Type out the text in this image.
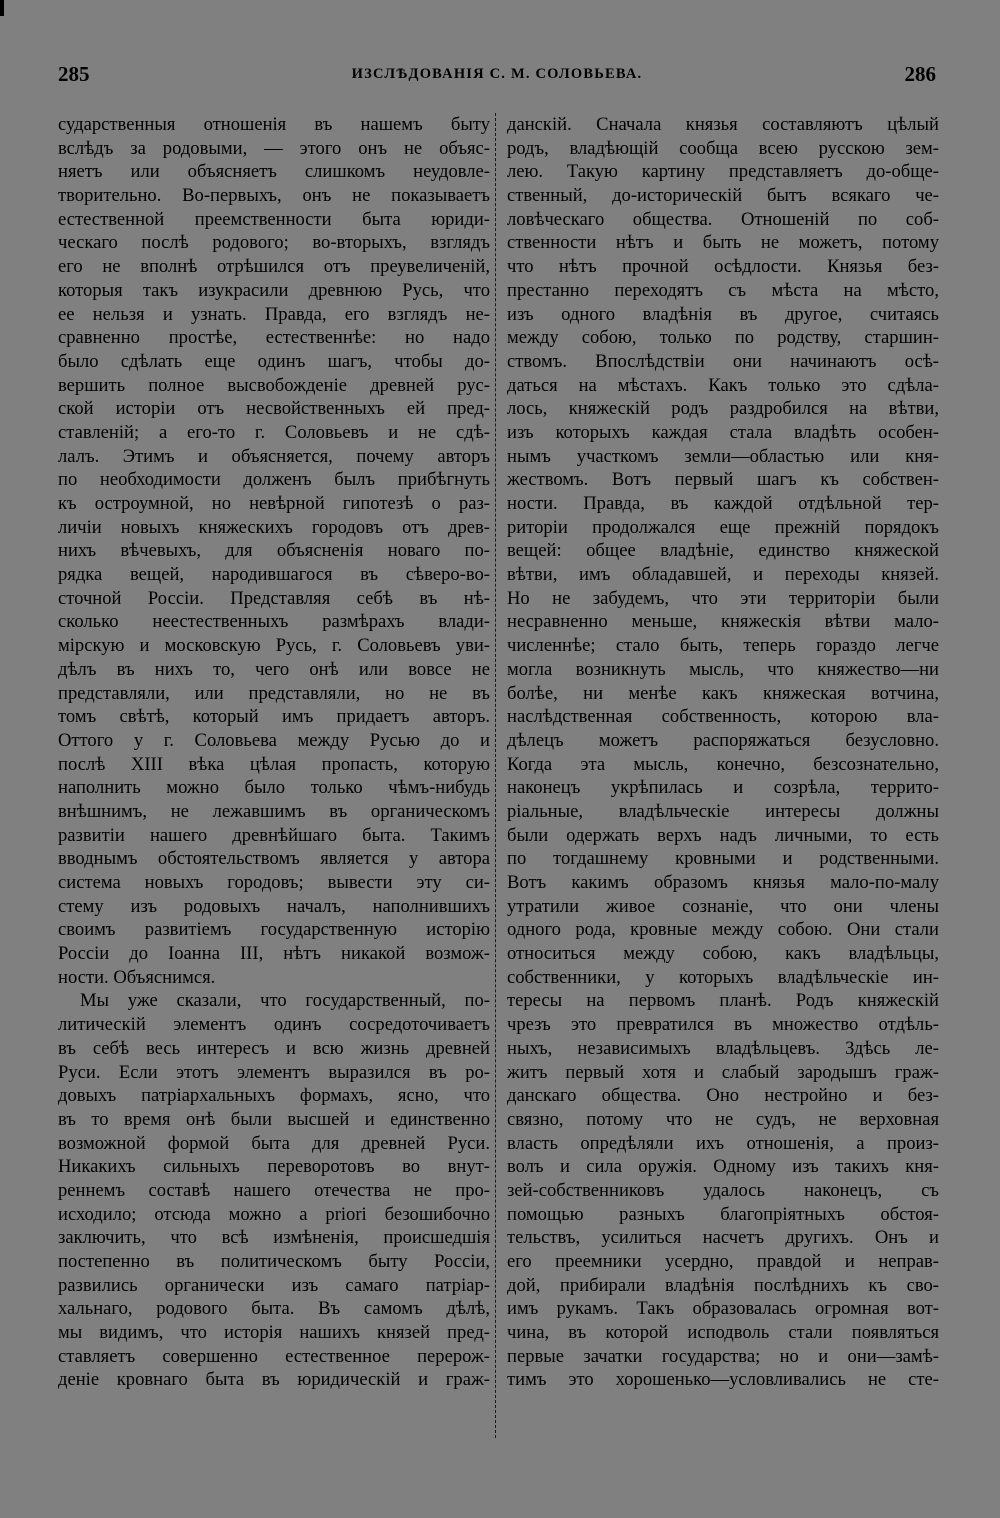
285	ИЗСЛѢДОВАНІЯ С. М. СОЛОВЬЕВА.	286
сударственныя отношенія въ нашемъ быту
вслѣдъ за родовыми, — этого онъ не объяс-
няетъ или объясняетъ слишкомъ неудовле-
творительно. Во-первыхъ, онъ не показываетъ
естественной преемственности быта юриди-
ческаго послѣ родового; во-вторыхъ, взглядъ
его не вполнѣ отрѣшился отъ преувеличеній,
которыя такъ изукрасили древнюю Русь, что
ее нельзя и узнать. Правда, его взглядъ не-
сравненно простѣе, естественнѣе: но надо
было сдѣлать еще одинъ шагъ, чтобы до-
вершить полное высвобожденіе древней рус-
ской исторіи отъ несвойственныхъ ей пред-
ставленій; а его-то г. Соловьевъ и не сдѣ-
лалъ. Этимъ и объясняется, почему авторъ
по необходимости долженъ былъ прибѣгнуть
къ остроумной, но невѣрной гипотезѣ о раз-
личіи новыхъ княжескихъ городовъ отъ древ-
нихъ вѣчевыхъ, для объясненія новаго по-
рядка вещей, народившагося въ сѣверо-во-
сточной Россіи. Представляя себѣ въ нѣ-
сколько неестественныхъ размѣрахъ влади-
мірскую и московскую Русь, г. Соловьевъ уви-
дѣлъ въ нихъ то, чего онѣ или вовсе не
представляли, или представляли, но не въ
томъ свѣтѣ, который имъ придаетъ авторъ.
Оттого у г. Соловьева между Русью до и
послѣ XIII вѣка цѣлая пропасть, которую
наполнить можно было только чѣмъ-нибудь
внѣшнимъ, не лежавшимъ въ органическомъ
развитіи нашего древнѣйшаго быта. Такимъ
вводнымъ обстоятельствомъ является у автора
система новыхъ городовъ; вывести эту си-
стему изъ родовыхъ началъ, наполнившихъ
своимъ развитіемъ государственную исторію
Россіи до Іоанна III, нѣтъ никакой возмож-
ности. Объяснимся.
Мы уже сказали, что государственный, по-
литическій элементъ одинъ сосредоточиваетъ
въ себѣ весь интересъ и всю жизнь древней
Руси. Если этотъ элементъ выразился въ ро-
довыхъ патріархальныхъ формахъ, ясно, что
въ то время онѣ были высшей и единственно
возможной формой быта для древней Руси.
Никакихъ сильныхъ переворотовъ во внут-
реннемъ составѣ нашего отечества не про-
исходило; отсюда можно а priori безошибочно
заключить, что всѣ измѣненія, происшедшія
постепенно въ политическомъ быту Россіи,
развились органически изъ самаго патріар-
хальнаго, родового быта. Въ самомъ дѣлѣ,
мы видимъ, что исторія нашихъ князей пред-
ставляетъ совершенно естественное перерож-
деніе кровнаго быта въ юридическій и граж-
данскій. Сначала князья составляютъ цѣлый
родъ, владѣющій сообща всею русскою зем-
лею. Такую картину представляетъ до-обще-
ственный, до-историческій бытъ всякаго че-
ловѣческаго общества. Отношеній по соб-
ственности нѣтъ и быть не можетъ, потому
что нѣтъ прочной осѣдлости. Князья без-
престанно переходятъ съ мѣста на мѣсто,
изъ одного владѣнія въ другое, считаясь
между собою, только по родству, старшин-
ствомъ. Впослѣдствіи они начинаютъ осѣ-
даться на мѣстахъ. Какъ только это сдѣла-
лось, княжескій родъ раздробился на вѣтви,
изъ которыхъ каждая стала владѣть особен-
нымъ участкомъ земли—областью или кня-
жествомъ. Вотъ первый шагъ къ собствен-
ности. Правда, въ каждой отдѣльной тер-
риторіи продолжался еще прежній порядокъ
вещей: общее владѣніе, единство княжеской
вѣтви, имъ обладавшей, и переходы князей.
Но не забудемъ, что эти территоріи были
несравненно меньше, княжескія вѣтви мало-
численнѣе; стало быть, теперь гораздо легче
могла возникнуть мысль, что княжество—ни
болѣе, ни менѣе какъ княжеская вотчина,
наслѣдственная собственность, которою вла-
дѣлецъ можетъ распоряжаться безусловно.
Когда эта мысль, конечно, безсознательно,
наконецъ укрѣпилась и созрѣла, террито-
ріальные, владѣльческіе интересы должны
были одержать верхъ надъ личными, то есть
по тогдашнему кровными и родственными.
Вотъ какимъ образомъ князья мало-по-малу
утратили живое сознаніе, что они члены
одного рода, кровные между собою. Они стали
относиться между собою, какъ владѣльцы,
собственники, у которыхъ владѣльческіе ин-
тересы на первомъ планѣ. Родъ княжескій
чрезъ это превратился въ множество отдѣль-
ныхъ, независимыхъ владѣльцевъ. Здѣсь ле-
житъ первый хотя и слабый зародышъ граж-
данскаго общества. Оно нестройно и без-
связно, потому что не судъ, не верховная
власть опредѣляли ихъ отношенія, а произ-
волъ и сила оружія. Одному изъ такихъ кня-
зей-собственниковъ удалось наконецъ, съ
помощью разныхъ благопріятныхъ обстоя-
тельствъ, усилиться насчетъ другихъ. Онъ и
его преемники усердно, правдой и неправ-
дой, прибирали владѣнія послѣднихъ къ сво-
имъ рукамъ. Такъ образовалась огромная вот-
чина, въ которой исподволь стали появляться
первые зачатки государства; но и они—замѣ-
тимъ это хорошенько—условливались не сте-
